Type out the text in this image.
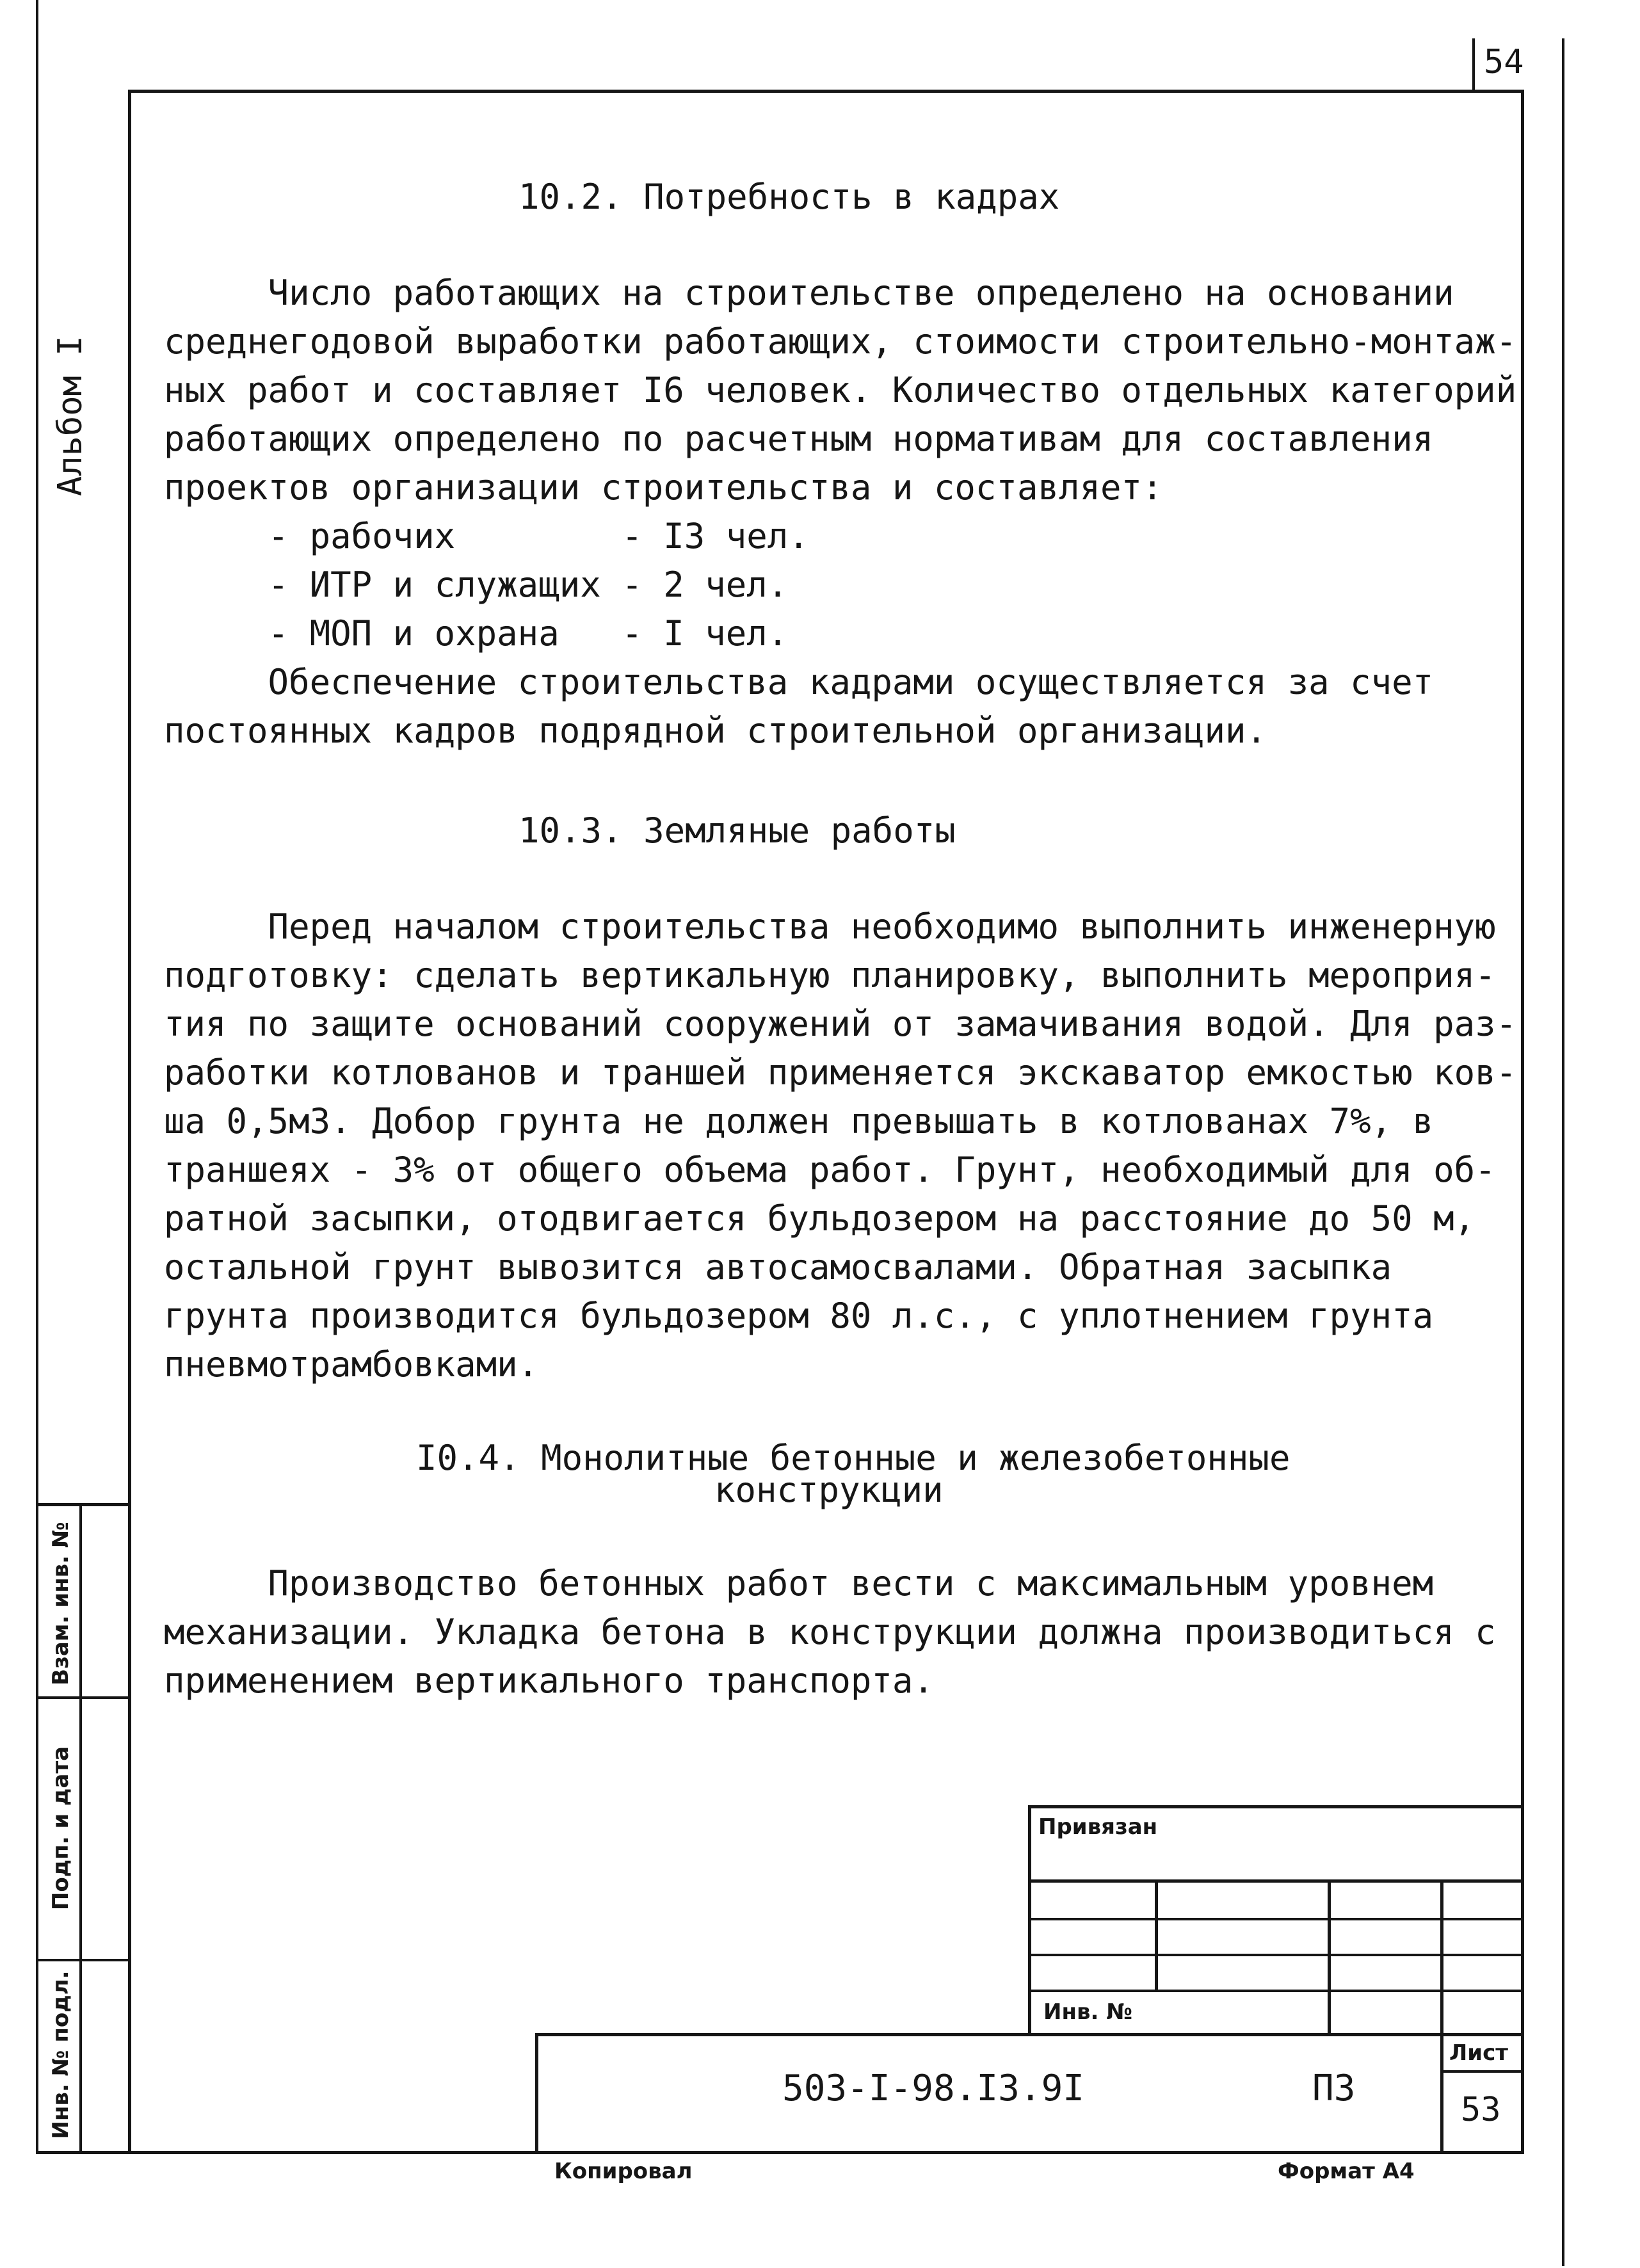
54
Альбом I
Взам. инв. №
Подп. и дата
Инв. № подл.
10.2. Потребность в кадрах
Число работающих на строительстве определено на основании
среднегодовой выработки работающих, стоимости строительно-монтаж-
ных работ и составляет I6 человек. Количество отдельных категорий
работающих определено по расчетным нормативам для составления
проектов организации строительства и составляет:
- рабочих        - I3 чел.
- ИТР и служащих - 2 чел.
- МОП и охрана   - I чел.
Обеспечение строительства кадрами осуществляется за счет
постоянных кадров подрядной строительной организации.
10.3. Земляные работы
Перед началом строительства необходимо выполнить инженерную
подготовку: сделать вертикальную планировку, выполнить мероприя-
тия по защите оснований сооружений от замачивания водой. Для раз-
работки котлованов и траншей применяется экскаватор емкостью ков-
ша 0,5м3. Добор грунта не должен превышать в котлованах 7%, в
траншеях - 3% от общего объема работ. Грунт, необходимый для об-
ратной засыпки, отодвигается бульдозером на расстояние до 50 м,
остальной грунт вывозится автосамосвалами. Обратная засыпка
грунта производится бульдозером 80 л.с., с уплотнением грунта
пневмотрамбовками.
I0.4. Монолитные бетонные и железобетонные
конструкции
Производство бетонных работ вести с максимальным уровнем
механизации. Укладка бетона в конструкции должна производиться с
применением вертикального транспорта.
Привязан
Инв. №
503-I-98.I3.9I	ПЗ
Лист
53
Копировал	Формат А4
